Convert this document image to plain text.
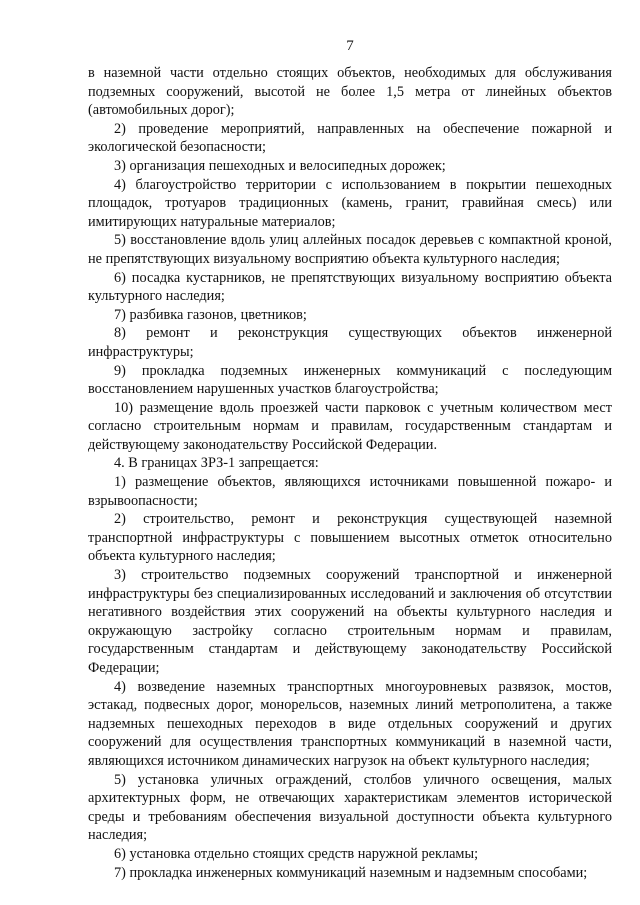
7

в наземной части отдельно стоящих объектов, необходимых для обслуживания подземных сооружений, высотой не более 1,5 метра от линейных объектов (автомобильных дорог);

2) проведение мероприятий, направленных на обеспечение пожарной и экологической безопасности;

3) организация пешеходных и велосипедных дорожек;

4) благоустройство территории с использованием в покрытии пешеходных площадок, тротуаров традиционных (камень, гранит, гравийная смесь) или имитирующих натуральные материалов;

5) восстановление вдоль улиц аллейных посадок деревьев с компактной кроной, не препятствующих визуальному восприятию объекта культурного наследия;

6) посадка кустарников, не препятствующих визуальному восприятию объекта культурного наследия;

7) разбивка газонов, цветников;

8) ремонт и реконструкция существующих объектов инженерной инфраструктуры;

9) прокладка подземных инженерных коммуникаций с последующим восстановлением нарушенных участков благоустройства;

10) размещение вдоль проезжей части парковок с учетным количеством мест согласно строительным нормам и правилам, государственным стандартам и действующему законодательству Российской Федерации.

4. В границах ЗРЗ-1 запрещается:

1) размещение объектов, являющихся источниками повышенной пожаро- и взрывоопасности;

2) строительство, ремонт и реконструкция существующей наземной транспортной инфраструктуры с повышением высотных отметок относительно объекта культурного наследия;

3) строительство подземных сооружений транспортной и инженерной инфраструктуры без специализированных исследований и заключения об отсутствии негативного воздействия этих сооружений на объекты культурного наследия и окружающую застройку согласно строительным нормам и правилам, государственным стандартам и действующему законодательству Российской Федерации;

4) возведение наземных транспортных многоуровневых развязок, мостов, эстакад, подвесных дорог, монорельсов, наземных линий метрополитена, а также надземных пешеходных переходов в виде отдельных сооружений и других сооружений для осуществления транспортных коммуникаций в наземной части, являющихся источником динамических нагрузок на объект культурного наследия;

5) установка уличных ограждений, столбов уличного освещения, малых архитектурных форм, не отвечающих характеристикам элементов исторической среды и требованиям обеспечения визуальной доступности объекта культурного наследия;

6) установка отдельно стоящих средств наружной рекламы;

7) прокладка инженерных коммуникаций наземным и надземным способами;
